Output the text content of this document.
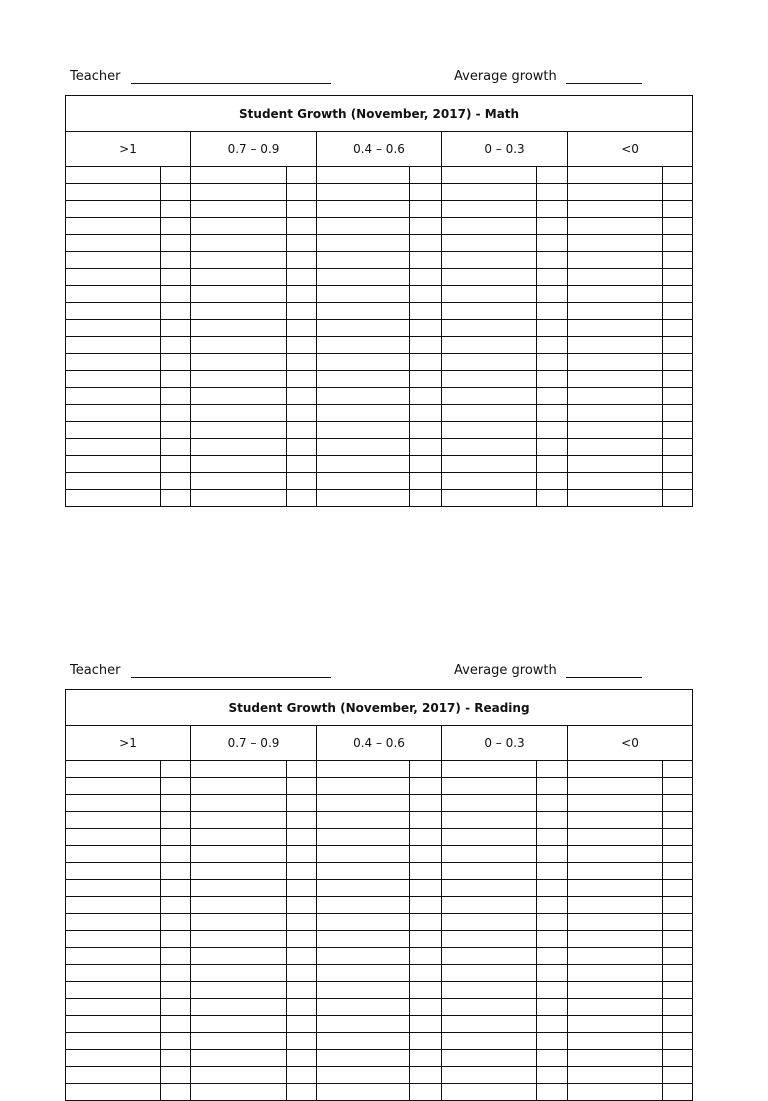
Teacher	Average growth
Student Growth (November, 2017) - Math									
>1		0.7 – 0.9		0.4 – 0.6		0 – 0.3		<0	

Teacher	Average growth
Student Growth (November, 2017) - Reading									
>1		0.7 – 0.9		0.4 – 0.6		0 – 0.3		<0	
